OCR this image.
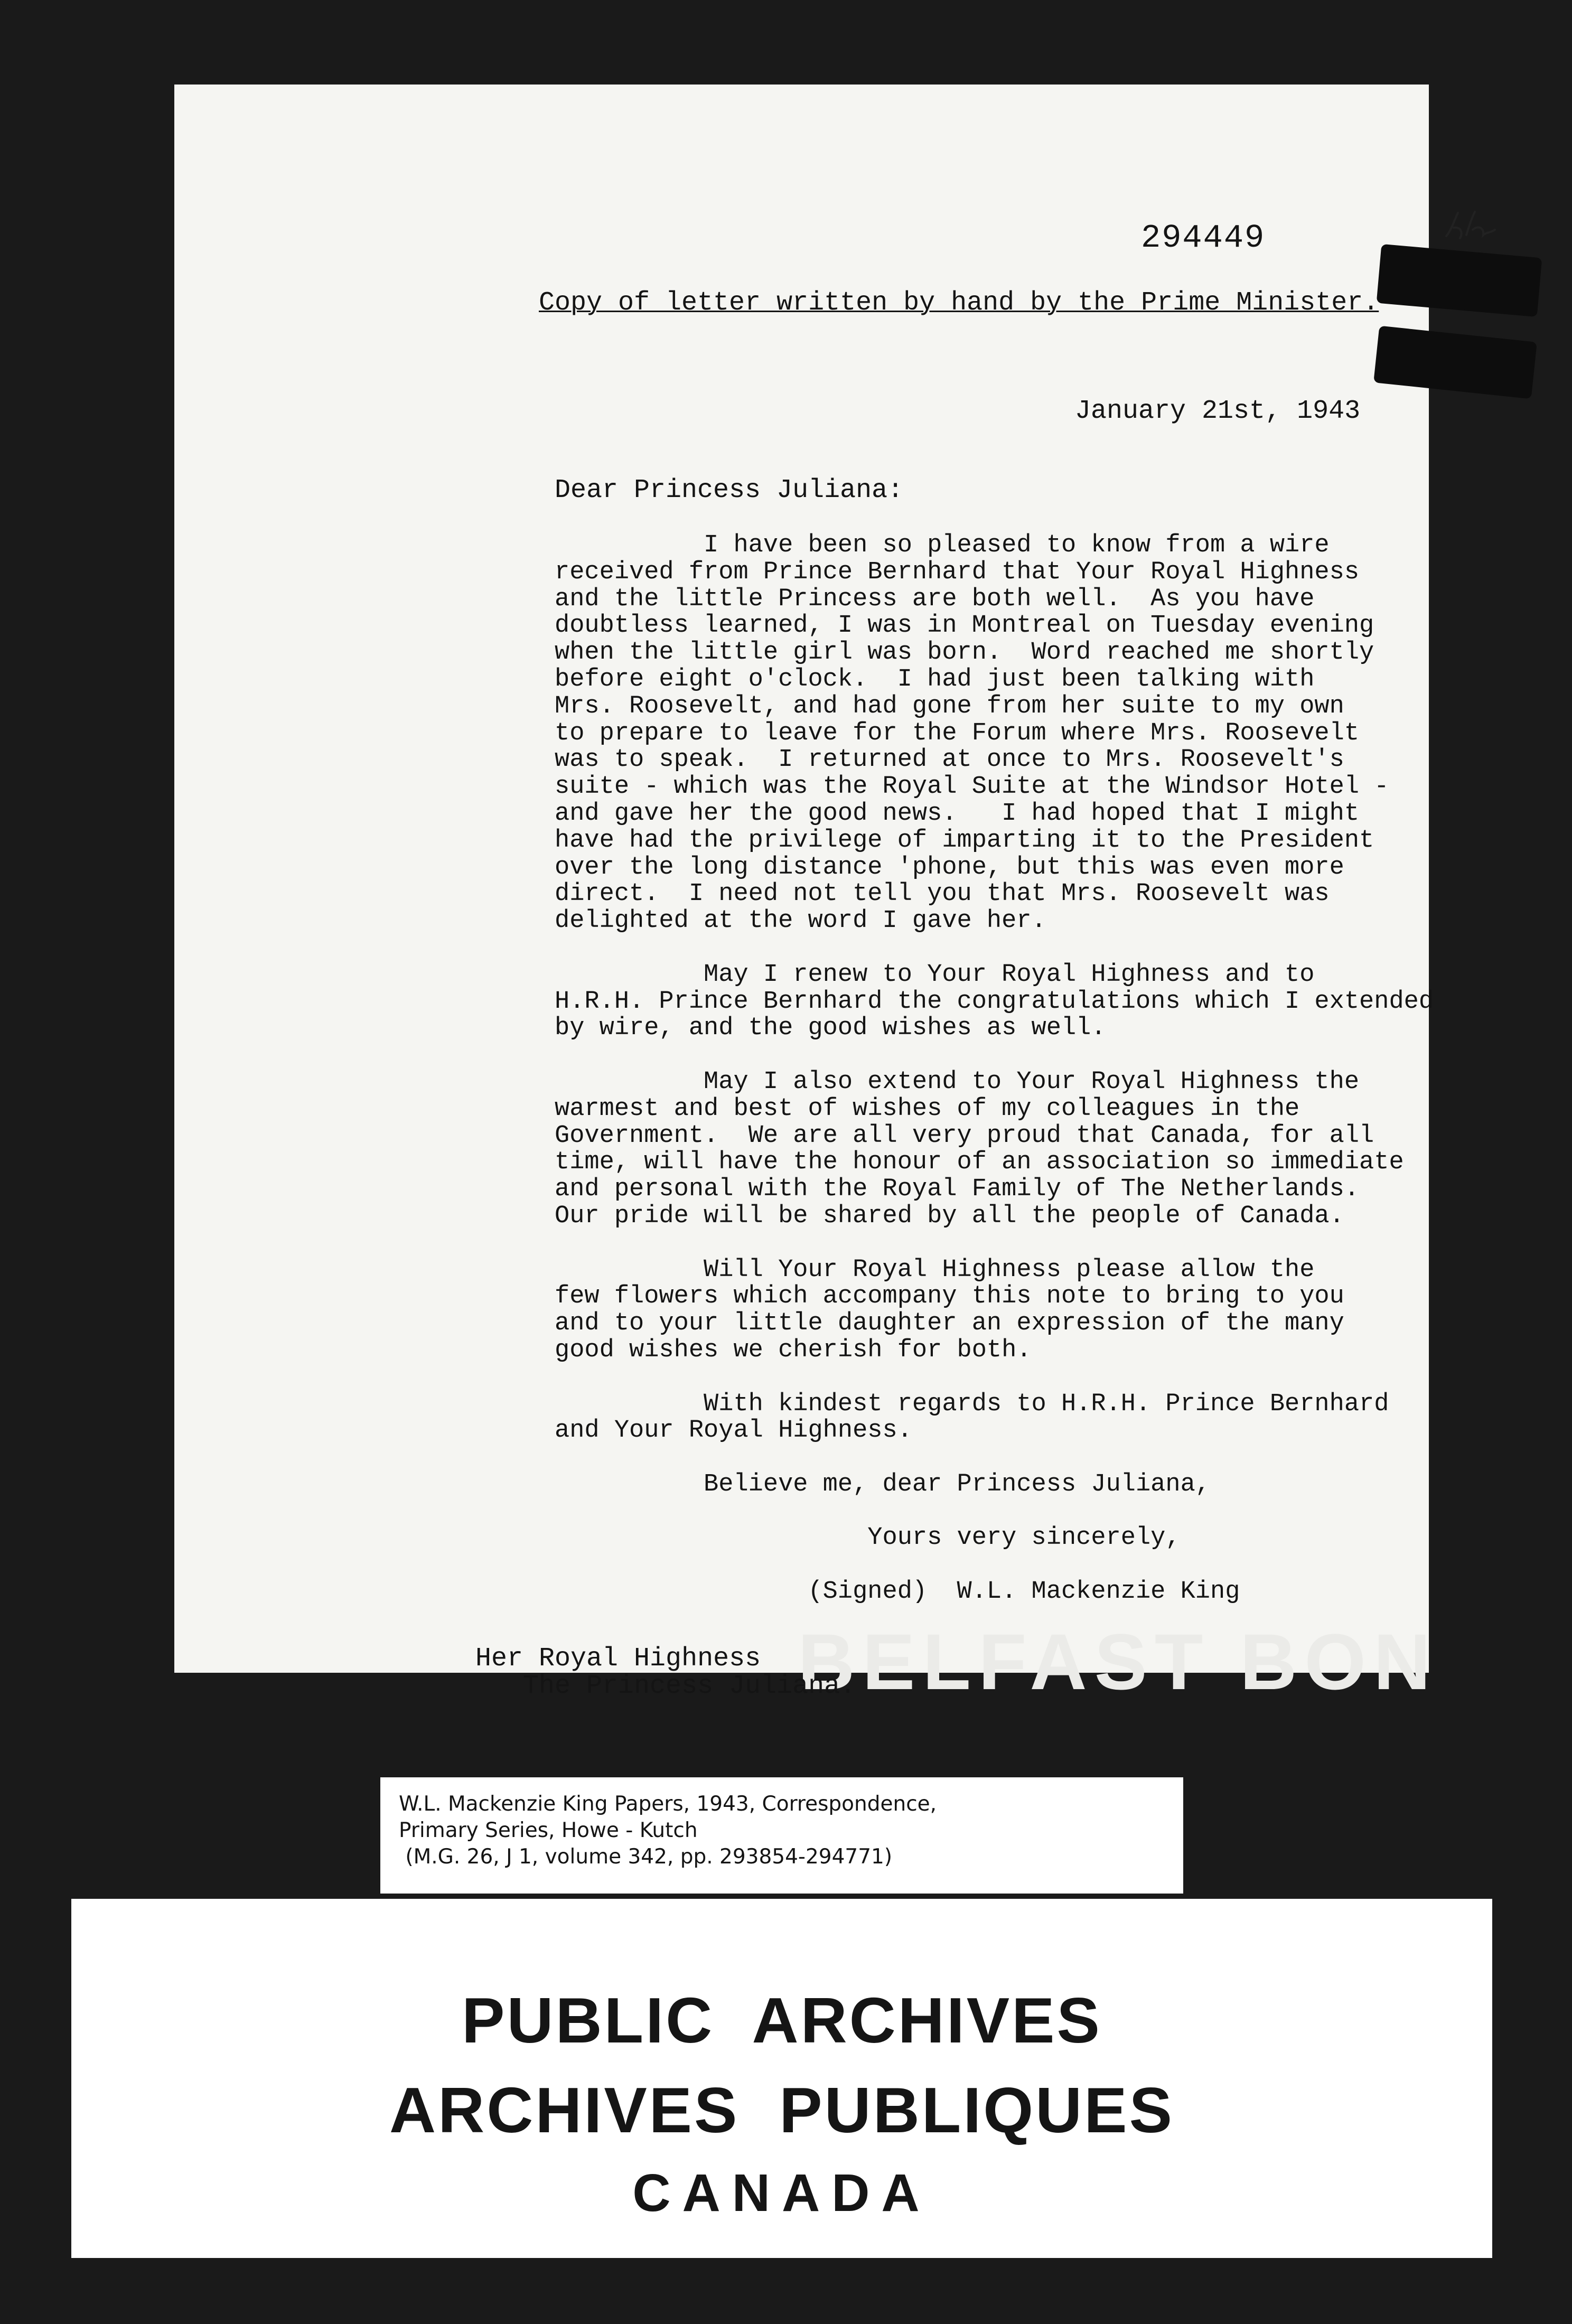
BELFAST BON
294449
Copy of letter written by hand by the Prime Minister.
January 21st, 1943
Dear Princess Juliana:
I have been so pleased to know from a wire
received from Prince Bernhard that Your Royal Highness
and the little Princess are both well.  As you have
doubtless learned, I was in Montreal on Tuesday evening
when the little girl was born.  Word reached me shortly
before eight o'clock.  I had just been talking with
Mrs. Roosevelt, and had gone from her suite to my own
to prepare to leave for the Forum where Mrs. Roosevelt
was to speak.  I returned at once to Mrs. Roosevelt's
suite - which was the Royal Suite at the Windsor Hotel -
and gave her the good news.   I had hoped that I might
have had the privilege of imparting it to the President
over the long distance 'phone, but this was even more
direct.  I need not tell you that Mrs. Roosevelt was
delighted at the word I gave her.

May I renew to Your Royal Highness and to
H.R.H. Prince Bernhard the congratulations which I extended
by wire, and the good wishes as well.

May I also extend to Your Royal Highness the
warmest and best of wishes of my colleagues in the
Government.  We are all very proud that Canada, for all
time, will have the honour of an association so immediate
and personal with the Royal Family of The Netherlands.
Our pride will be shared by all the people of Canada.

Will Your Royal Highness please allow the
few flowers which accompany this note to bring to you
and to your little daughter an expression of the many
good wishes we cherish for both.

With kindest regards to H.R.H. Prince Bernhard
and Your Royal Highness.

Believe me, dear Princess Juliana,

Yours very sincerely,

(Signed)  W.L. Mackenzie King
Her Royal Highness
The Princess Juliana.
W.L. Mackenzie King Papers, 1943, Correspondence,
Primary Series, Howe - Kutch
(M.G. 26, J 1, volume 342, pp. 293854-294771)
PUBLIC  ARCHIVES
ARCHIVES  PUBLIQUES
CANADA
